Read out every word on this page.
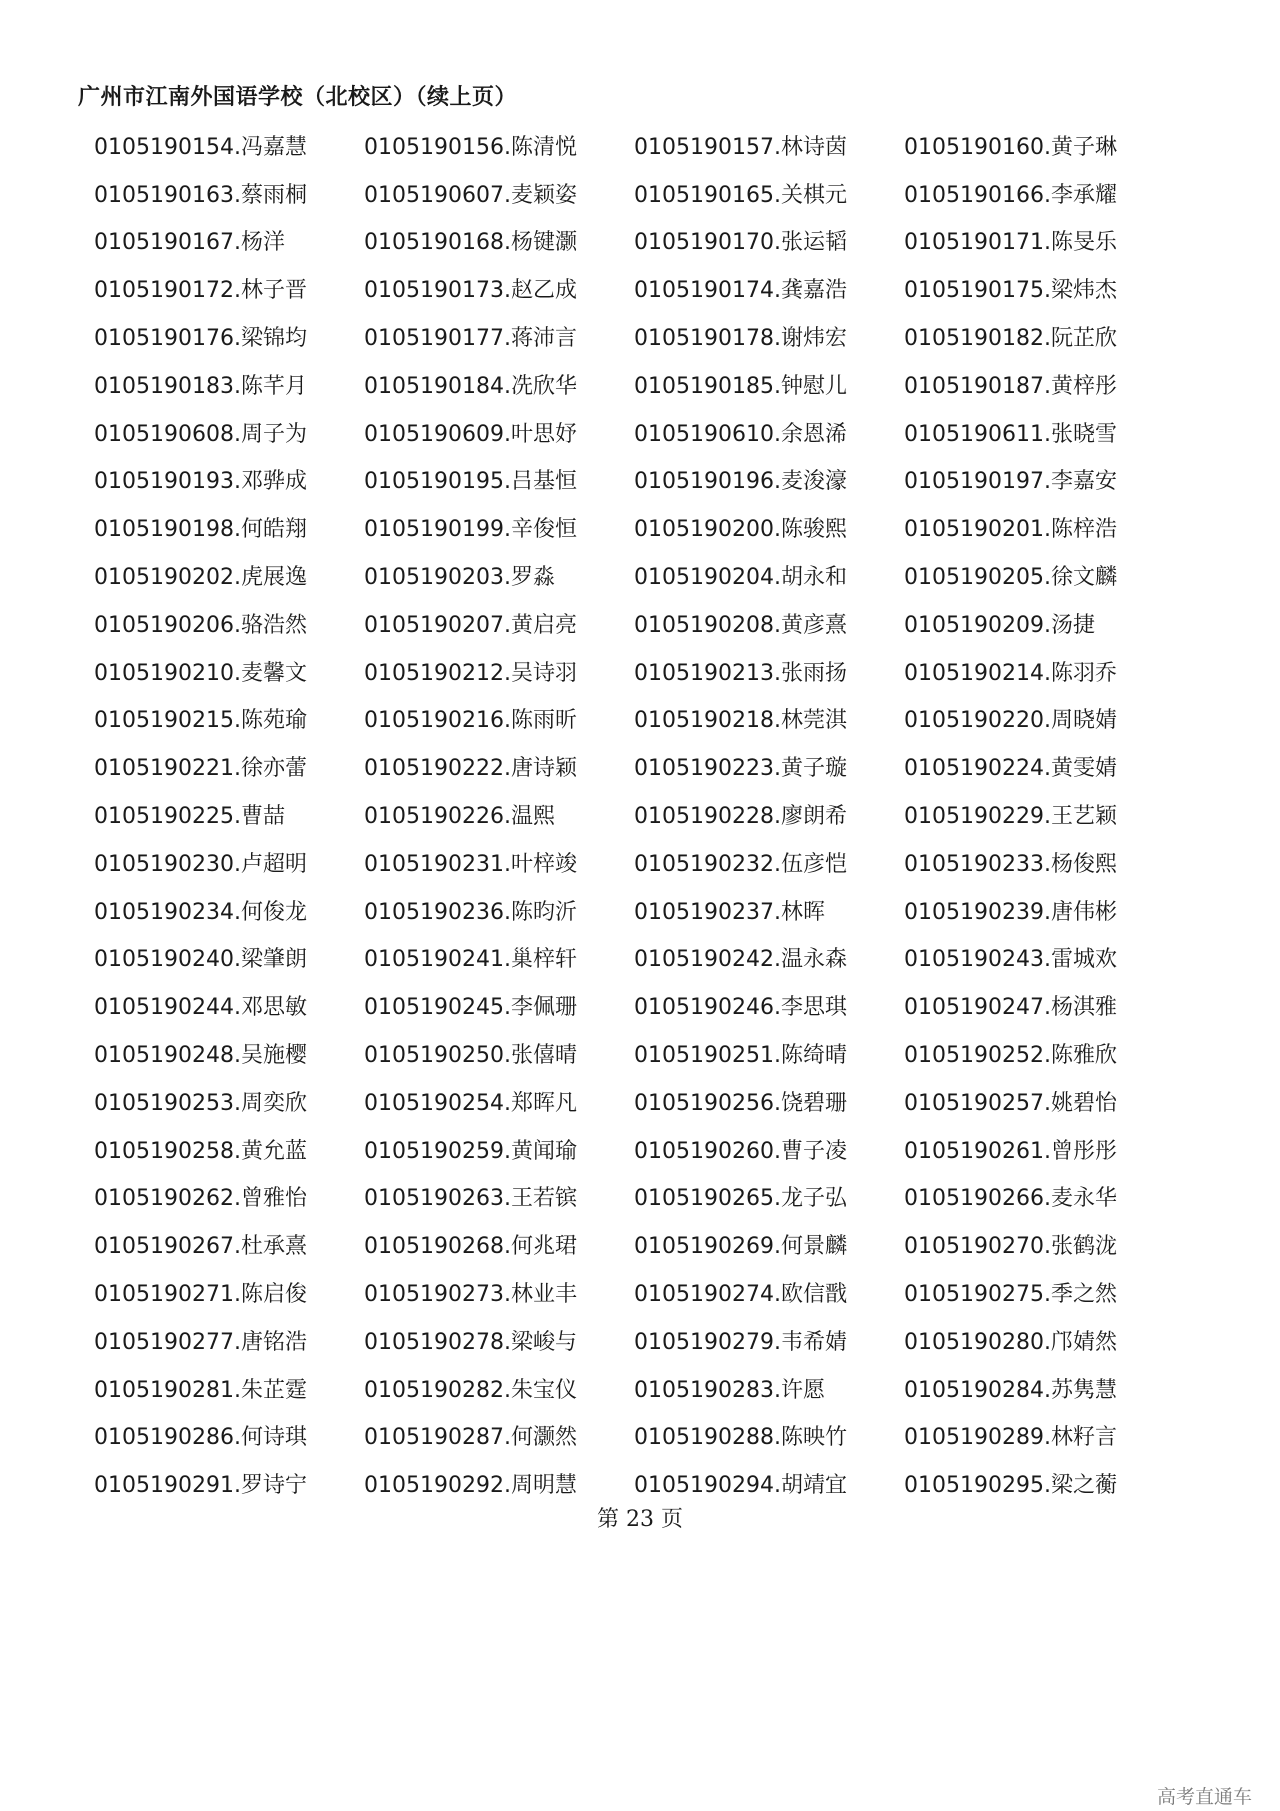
广州市江南外国语学校（北校区）（续上页）
0105190154.冯嘉慧	0105190156.陈清悦	0105190157.林诗茵	0105190160.黄子琳
0105190163.蔡雨桐	0105190607.麦颖姿	0105190165.关棋元	0105190166.李承耀
0105190167.杨洋	0105190168.杨键灏	0105190170.张运韬	0105190171.陈旻乐
0105190172.林子晋	0105190173.赵乙成	0105190174.龚嘉浩	0105190175.梁炜杰
0105190176.梁锦均	0105190177.蒋沛言	0105190178.谢炜宏	0105190182.阮芷欣
0105190183.陈芊月	0105190184.冼欣华	0105190185.钟慰儿	0105190187.黄梓彤
0105190608.周子为	0105190609.叶思妤	0105190610.余恩浠	0105190611.张晓雪
0105190193.邓骅成	0105190195.吕基恒	0105190196.麦浚濠	0105190197.李嘉安
0105190198.何皓翔	0105190199.辛俊恒	0105190200.陈骏熙	0105190201.陈梓浩
0105190202.虎展逸	0105190203.罗淼	0105190204.胡永和	0105190205.徐文麟
0105190206.骆浩然	0105190207.黄启亮	0105190208.黄彦熹	0105190209.汤捷
0105190210.麦馨文	0105190212.吴诗羽	0105190213.张雨扬	0105190214.陈羽乔
0105190215.陈苑瑜	0105190216.陈雨昕	0105190218.林莞淇	0105190220.周晓婧
0105190221.徐亦蕾	0105190222.唐诗颖	0105190223.黄子璇	0105190224.黄雯婧
0105190225.曹喆	0105190226.温熙	0105190228.廖朗希	0105190229.王艺颖
0105190230.卢超明	0105190231.叶梓竣	0105190232.伍彦恺	0105190233.杨俊熙
0105190234.何俊龙	0105190236.陈昀沂	0105190237.林晖	0105190239.唐伟彬
0105190240.梁肇朗	0105190241.巢梓轩	0105190242.温永森	0105190243.雷城欢
0105190244.邓思敏	0105190245.李佩珊	0105190246.李思琪	0105190247.杨淇雅
0105190248.吴施樱	0105190250.张僖晴	0105190251.陈绮晴	0105190252.陈雅欣
0105190253.周奕欣	0105190254.郑晖凡	0105190256.饶碧珊	0105190257.姚碧怡
0105190258.黄允蓝	0105190259.黄闻瑜	0105190260.曹子凌	0105190261.曾彤彤
0105190262.曾雅怡	0105190263.王若镔	0105190265.龙子弘	0105190266.麦永华
0105190267.杜承熹	0105190268.何兆珺	0105190269.何景麟	0105190270.张鹤泷
0105190271.陈启俊	0105190273.林业丰	0105190274.欧信戬	0105190275.季之然
0105190277.唐铭浩	0105190278.梁峻与	0105190279.韦希婧	0105190280.邝婧然
0105190281.朱芷霆	0105190282.朱宝仪	0105190283.许愿	0105190284.苏隽慧
0105190286.何诗琪	0105190287.何灏然	0105190288.陈映竹	0105190289.林籽言
0105190291.罗诗宁	0105190292.周明慧	0105190294.胡靖宜	0105190295.梁之蘅
第 23 页
高考直通车
